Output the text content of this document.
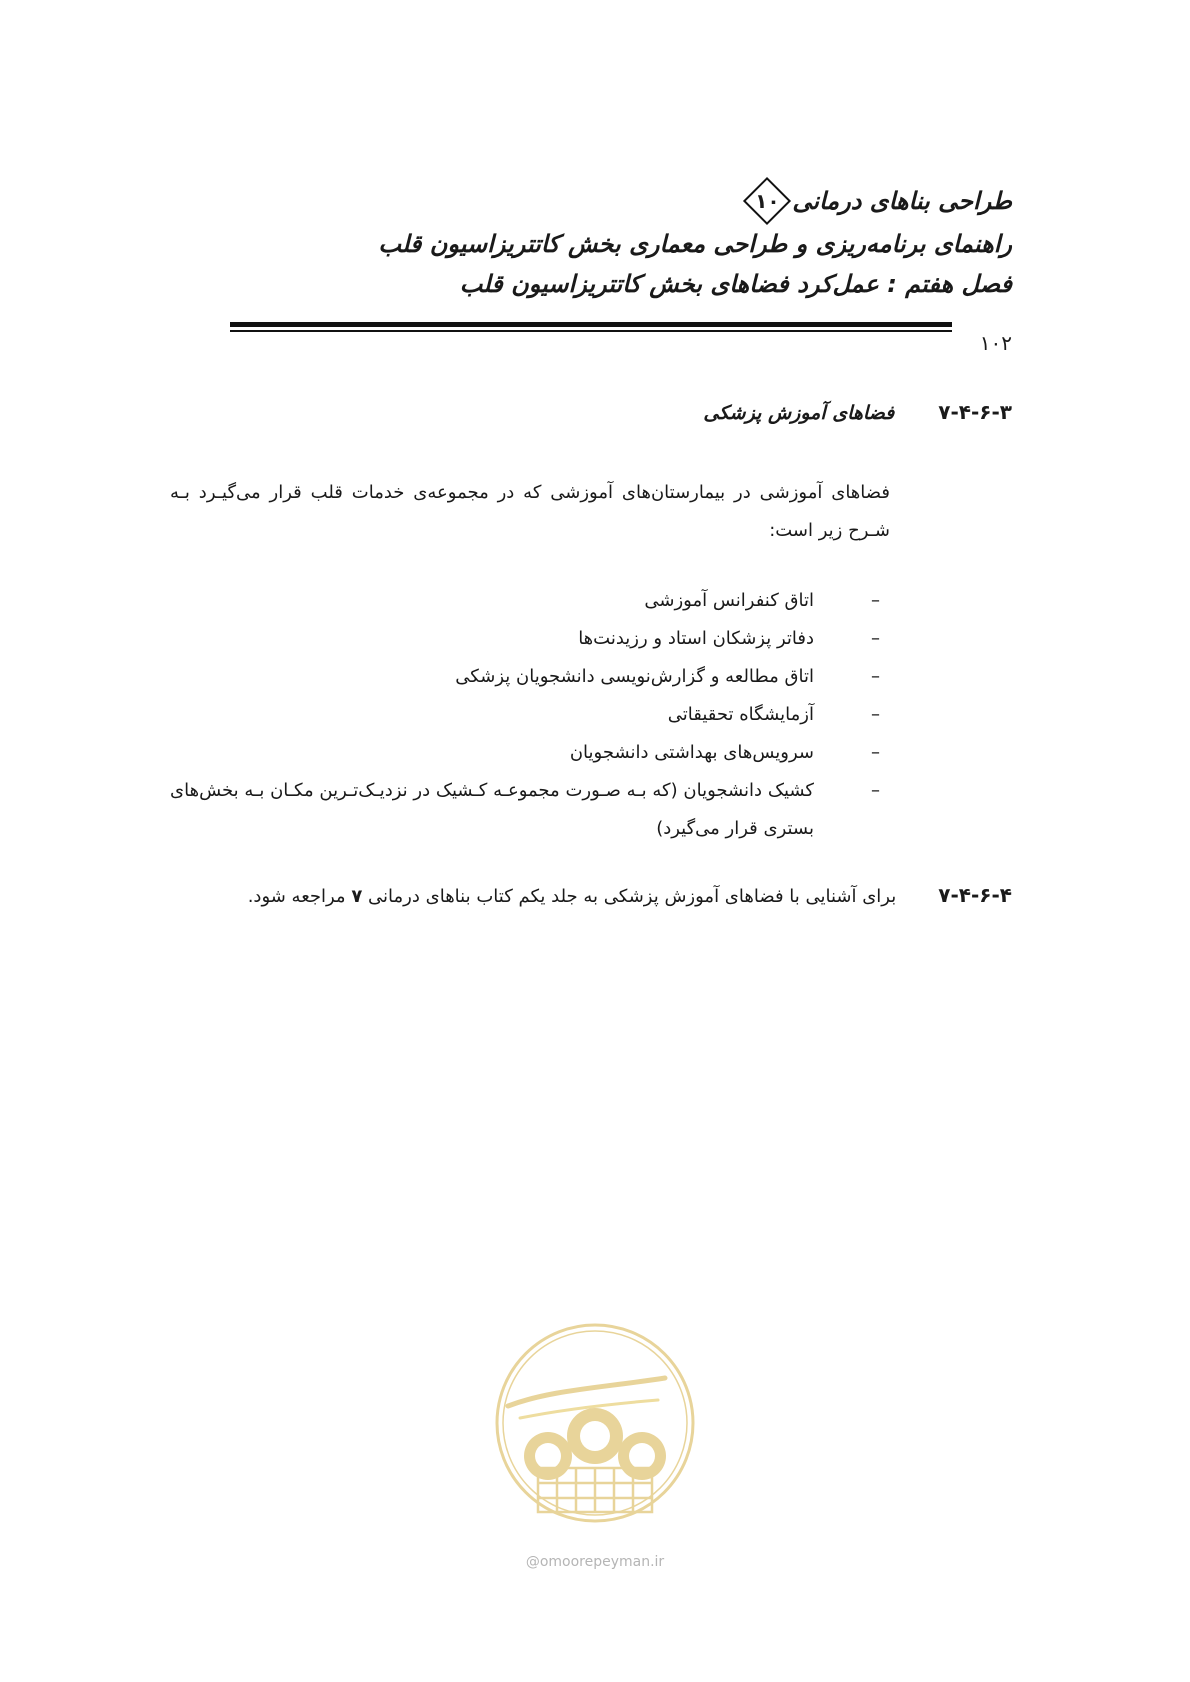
طراحی بناهای درمانی
۱۰
راهنمای برنامه‌ریزی و طراحی معماری بخش کاتتریزاسیون قلب
فصل هفتم : عمل‌کرد فضاهای بخش کاتتریزاسیون قلب
۱۰۲
۷-۴-۶-۳
فضاهای آموزش پزشکی
فضاهای آموزشی در بیمارستان‌های آموزشی که در مجموعه‌ی خدمات قلب قرار می‌گیـرد بـه شـرح زیر است:
–
اتاق کنفرانس آموزشی
–
دفاتر پزشکان استاد و رزیدنت‌ها
–
اتاق مطالعه و گزارش‌نویسی دانشجویان پزشکی
–
آزمایشگاه تحقیقاتی
–
سرویس‌های بهداشتی دانشجویان
–
کشیک دانشجویان (که بـه صـورت مجموعـه کـشیک در نزدیـک‌تـرین مکـان بـه بخش‌های بستری قرار می‌گیرد)
۷-۴-۶-۴
برای آشنایی با فضاهای آموزش پزشکی به جلد یکم کتاب بناهای درمانی ۷ مراجعه شود.
@omoorepeyman.ir
